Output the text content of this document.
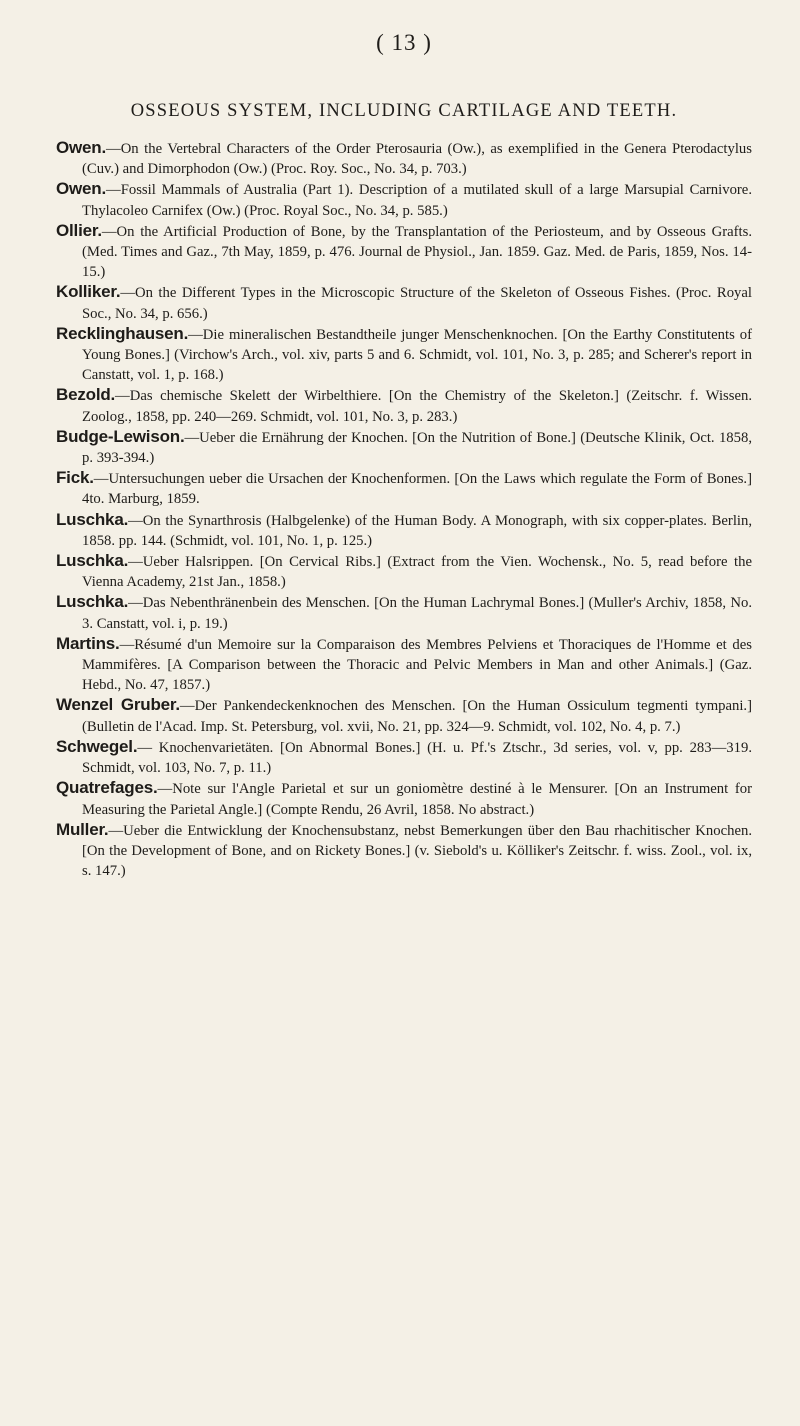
( 13 )
OSSEOUS SYSTEM, INCLUDING CARTILAGE AND TEETH.
Owen.—On the Vertebral Characters of the Order Pterosauria (Ow.), as exemplified in the Genera Pterodactylus (Cuv.) and Dimorphodon (Ow.) (Proc. Roy. Soc., No. 34, p. 703.)
Owen.—Fossil Mammals of Australia (Part 1). Description of a mutilated skull of a large Marsupial Carnivore. Thylacoleo Carnifex (Ow.) (Proc. Royal Soc., No. 34, p. 585.)
Ollier.—On the Artificial Production of Bone, by the Transplantation of the Periosteum, and by Osseous Grafts. (Med. Times and Gaz., 7th May, 1859, p. 476. Journal de Physiol., Jan. 1859. Gaz. Med. de Paris, 1859, Nos. 14-15.)
Kolliker.—On the Different Types in the Microscopic Structure of the Skeleton of Osseous Fishes. (Proc. Royal Soc., No. 34, p. 656.)
Recklinghausen.—Die mineralischen Bestandtheile junger Menschenknochen. [On the Earthy Constitutents of Young Bones.] (Virchow's Arch., vol. xiv, parts 5 and 6. Schmidt, vol. 101, No. 3, p. 285; and Scherer's report in Canstatt, vol. 1, p. 168.)
Bezold.—Das chemische Skelett der Wirbelthiere. [On the Chemistry of the Skeleton.] (Zeitschr. f. Wissen. Zoolog., 1858, pp. 240—269. Schmidt, vol. 101, No. 3, p. 283.)
Budge-Lewison.—Ueber die Ernährung der Knochen. [On the Nutrition of Bone.] (Deutsche Klinik, Oct. 1858, p. 393-394.)
Fick.—Untersuchungen ueber die Ursachen der Knochenformen. [On the Laws which regulate the Form of Bones.] 4to. Marburg, 1859.
Luschka.—On the Synarthrosis (Halbgelenke) of the Human Body. A Monograph, with six copper-plates. Berlin, 1858. pp. 144. (Schmidt, vol. 101, No. 1, p. 125.)
Luschka.—Ueber Halsrippen. [On Cervical Ribs.] (Extract from the Vien. Wochensk., No. 5, read before the Vienna Academy, 21st Jan., 1858.)
Luschka.—Das Nebenthränenbein des Menschen. [On the Human Lachrymal Bones.] (Muller's Archiv, 1858, No. 3. Canstatt, vol. i, p. 19.)
Martins.—Résumé d'un Memoire sur la Comparaison des Membres Pelviens et Thoraciques de l'Homme et des Mammifères. [A Comparison between the Thoracic and Pelvic Members in Man and other Animals.] (Gaz. Hebd., No. 47, 1857.)
Wenzel Gruber.—Der Pankendeckenknochen des Menschen. [On the Human Ossiculum tegmenti tympani.] (Bulletin de l'Acad. Imp. St. Petersburg, vol. xvii, No. 21, pp. 324—9. Schmidt, vol. 102, No. 4, p. 7.)
Schwegel.— Knochenvarietäten. [On Abnormal Bones.] (H. u. Pf.'s Ztschr., 3d series, vol. v, pp. 283—319. Schmidt, vol. 103, No. 7, p. 11.)
Quatrefages.—Note sur l'Angle Parietal et sur un goniomètre destiné à le Mensurer. [On an Instrument for Measuring the Parietal Angle.] (Compte Rendu, 26 Avril, 1858. No abstract.)
Muller.—Ueber die Entwicklung der Knochensubstanz, nebst Bemerkungen über den Bau rhachitischer Knochen. [On the Development of Bone, and on Rickety Bones.] (v. Siebold's u. Kölliker's Zeitschr. f. wiss. Zool., vol. ix, s. 147.)
